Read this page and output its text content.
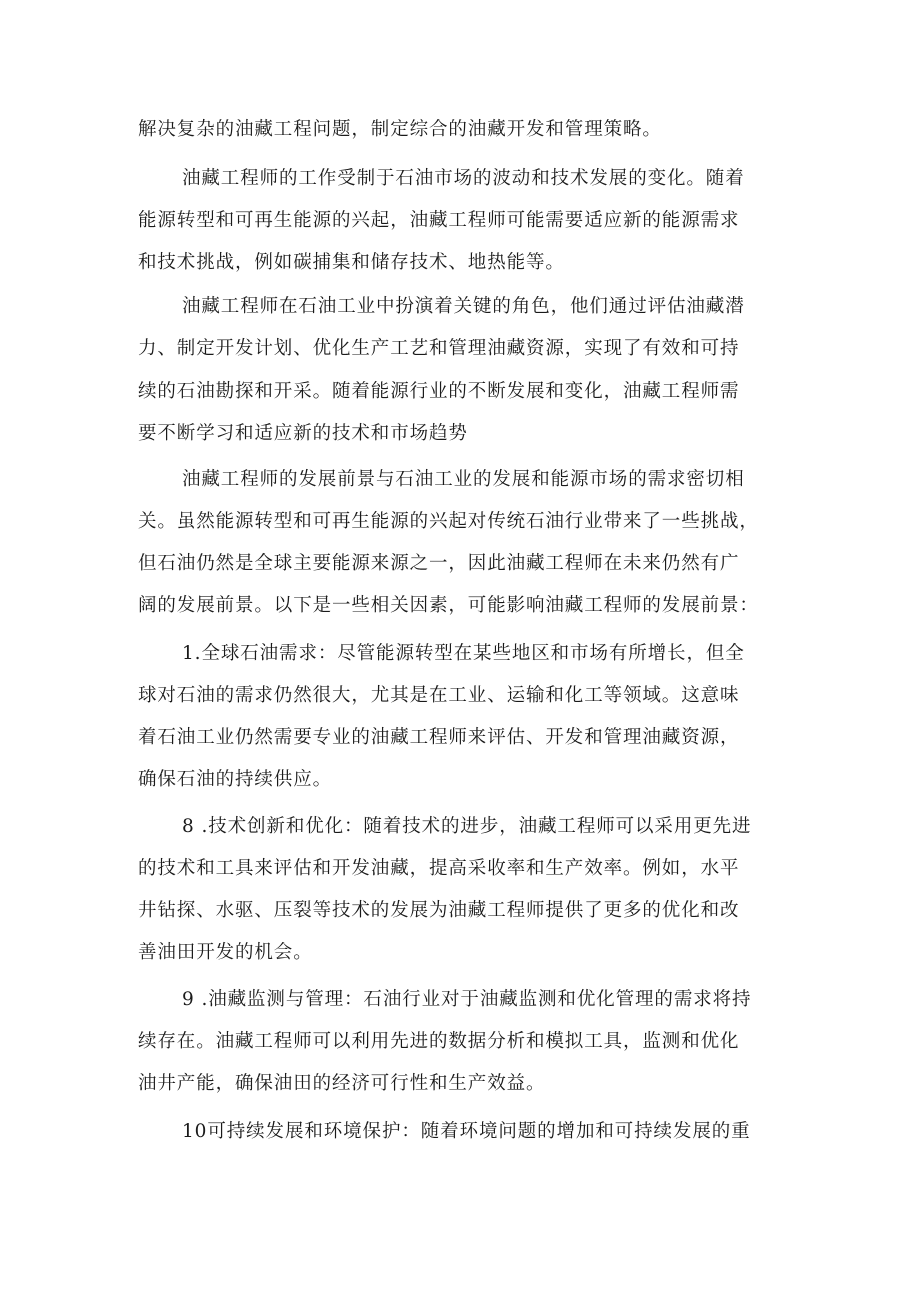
解决复杂的油藏工程问题，制定综合的油藏开发和管理策略。
油藏工程师的工作受制于石油市场的波动和技术发展的变化。随着
能源转型和可再生能源的兴起，油藏工程师可能需要适应新的能源需求
和技术挑战，例如碳捕集和储存技术、地热能等。
油藏工程师在石油工业中扮演着关键的角色，他们通过评估油藏潜
力、制定开发计划、优化生产工艺和管理油藏资源，实现了有效和可持
续的石油勘探和开采。随着能源行业的不断发展和变化，油藏工程师需
要不断学习和适应新的技术和市场趋势
油藏工程师的发展前景与石油工业的发展和能源市场的需求密切相
关。虽然能源转型和可再生能源的兴起对传统石油行业带来了一些挑战，
但石油仍然是全球主要能源来源之一，因此油藏工程师在未来仍然有广
阔的发展前景。以下是一些相关因素，可能影响油藏工程师的发展前景：
1.全球石油需求：尽管能源转型在某些地区和市场有所增长，但全
球对石油的需求仍然很大，尤其是在工业、运输和化工等领域。这意味
着石油工业仍然需要专业的油藏工程师来评估、开发和管理油藏资源，
确保石油的持续供应。
8 .技术创新和优化：随着技术的进步，油藏工程师可以采用更先进
的技术和工具来评估和开发油藏，提高采收率和生产效率。例如，水平
井钻探、水驱、压裂等技术的发展为油藏工程师提供了更多的优化和改
善油田开发的机会。
9 .油藏监测与管理：石油行业对于油藏监测和优化管理的需求将持
续存在。油藏工程师可以利用先进的数据分析和模拟工具，监测和优化
油井产能，确保油田的经济可行性和生产效益。
10可持续发展和环境保护：随着环境问题的增加和可持续发展的重
